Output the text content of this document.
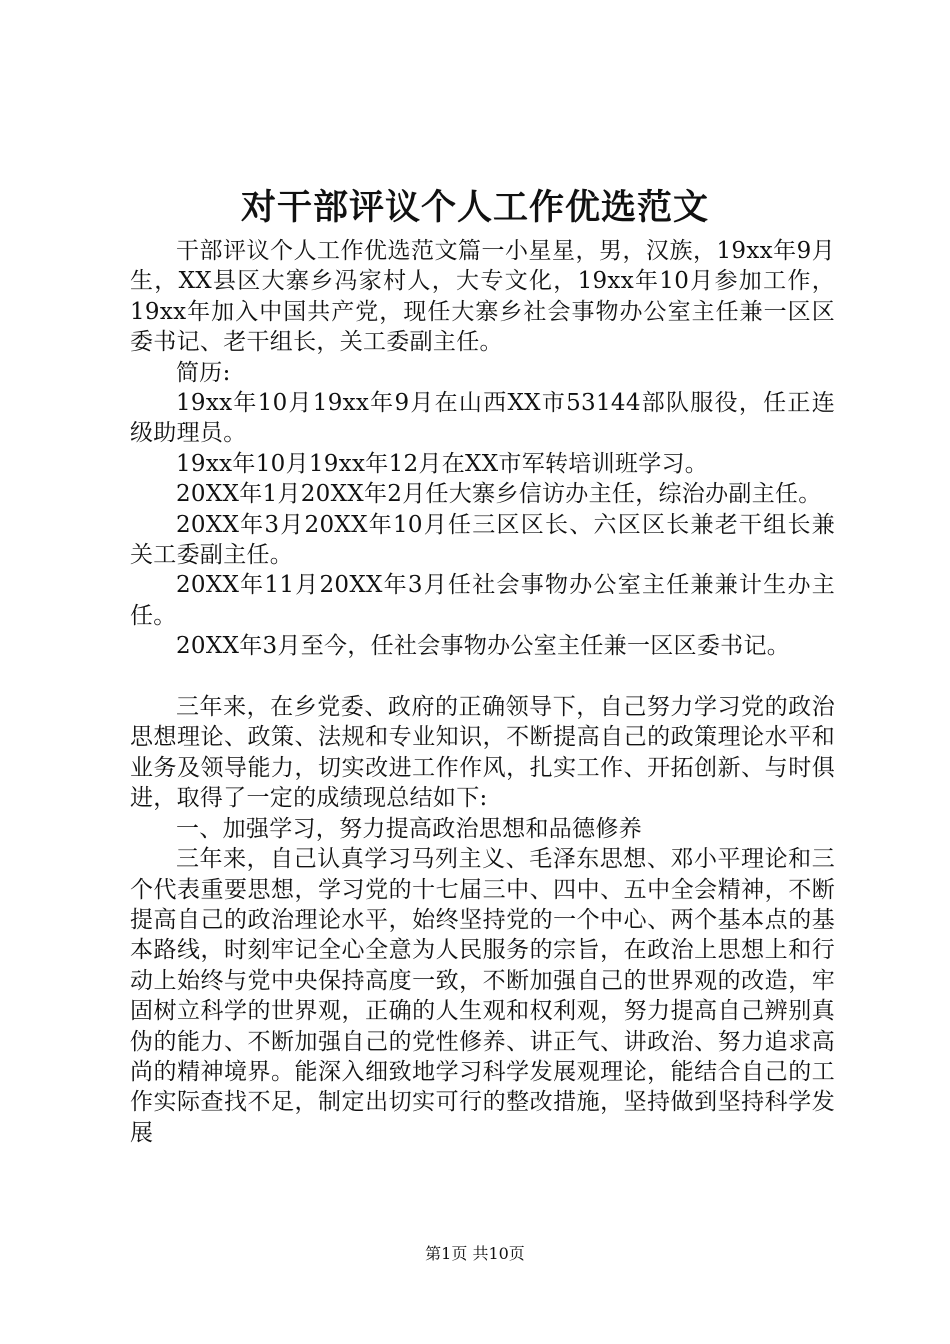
对干部评议个人工作优选范文

干部评议个人工作优选范文篇一小星星，男，汉族，19xx年9月生，XX县区大寨乡冯家村人，大专文化，19xx年10月参加工作，19xx年加入中国共产党，现任大寨乡社会事物办公室主任兼一区区委书记、老干组长，关工委副主任。

简历:

19xx年10月19xx年9月在山西XX市53144部队服役，任正连级助理员。

19xx年10月19xx年12月在XX市军转培训班学习。

20XX年1月20XX年2月任大寨乡信访办主任，综治办副主任。

20XX年3月20XX年10月任三区区长、六区区长兼老干组长兼关工委副主任。

20XX年11月20XX年3月任社会事物办公室主任兼兼计生办主任。

20XX年3月至今，任社会事物办公室主任兼一区区委书记。

三年来，在乡党委、政府的正确领导下，自己努力学习党的政治思想理论、政策、法规和专业知识，不断提高自己的政策理论水平和业务及领导能力，切实改进工作作风，扎实工作、开拓创新、与时俱进，取得了一定的成绩现总结如下:

一、加强学习，努力提高政治思想和品德修养

三年来，自己认真学习马列主义、毛泽东思想、邓小平理论和三个代表重要思想，学习党的十七届三中、四中、五中全会精神，不断提高自己的政治理论水平，始终坚持党的一个中心、两个基本点的基本路线，时刻牢记全心全意为人民服务的宗旨，在政治上思想上和行动上始终与党中央保持高度一致，不断加强自己的世界观的改造，牢固树立科学的世界观，正确的人生观和权利观，努力提高自己辨别真伪的能力、不断加强自己的党性修养、讲正气、讲政治、努力追求高尚的精神境界。能深入细致地学习科学发展观理论，能结合自己的工作实际查找不足，制定出切实可行的整改措施，坚持做到坚持科学发展

第1页 共10页
